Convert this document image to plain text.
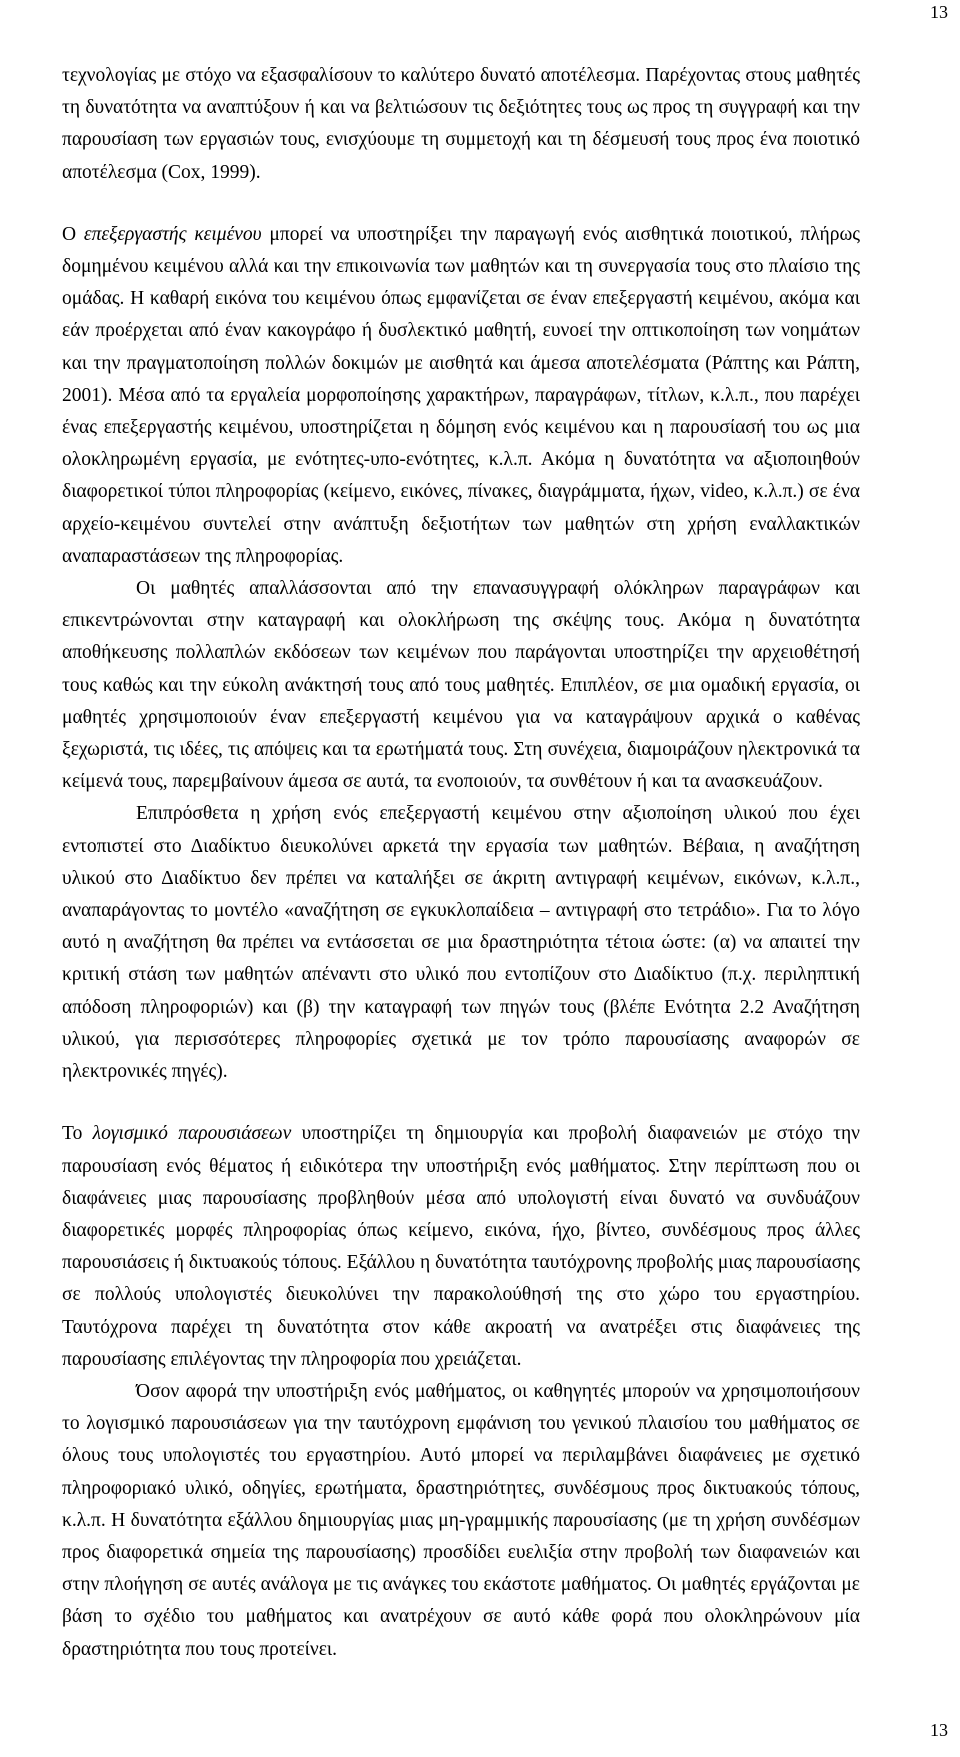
13

τεχνολογίας με στόχο να εξασφαλίσουν το καλύτερο δυνατό αποτέλεσμα. Παρέχοντας στους μαθητές τη δυνατότητα να αναπτύξουν ή και να βελτιώσουν τις δεξιότητες τους ως προς τη συγγραφή και την παρουσίαση των εργασιών τους, ενισχύουμε τη συμμετοχή και τη δέσμευσή τους προς ένα ποιοτικό αποτέλεσμα (Cox, 1999).

Ο επεξεργαστής κειμένου μπορεί να υποστηρίξει την παραγωγή ενός αισθητικά ποιοτικού, πλήρως δομημένου κειμένου αλλά και την επικοινωνία των μαθητών και τη συνεργασία τους στο πλαίσιο της ομάδας. Η καθαρή εικόνα του κειμένου όπως εμφανίζεται σε έναν επεξεργαστή κειμένου, ακόμα και εάν προέρχεται από έναν κακογράφο ή δυσλεκτικό μαθητή, ευνοεί την οπτικοποίηση των νοημάτων και την πραγματοποίηση πολλών δοκιμών με αισθητά και άμεσα αποτελέσματα (Ράπτης και Ράπτη, 2001). Μέσα από τα εργαλεία μορφοποίησης χαρακτήρων, παραγράφων, τίτλων, κ.λ.π., που παρέχει ένας επεξεργαστής κειμένου, υποστηρίζεται η δόμηση ενός κειμένου και η παρουσίασή του ως μια ολοκληρωμένη εργασία, με ενότητες-υπο-ενότητες, κ.λ.π. Ακόμα η δυνατότητα να αξιοποιηθούν διαφορετικοί τύποι πληροφορίας (κείμενο, εικόνες, πίνακες, διαγράμματα, ήχων, video, κ.λ.π.) σε ένα αρχείο-κειμένου συντελεί στην ανάπτυξη δεξιοτήτων των μαθητών στη χρήση εναλλακτικών αναπαραστάσεων της πληροφορίας.

Οι μαθητές απαλλάσσονται από την επανασυγγραφή ολόκληρων παραγράφων και επικεντρώνονται στην καταγραφή και ολοκλήρωση της σκέψης τους. Ακόμα η δυνατότητα αποθήκευσης πολλαπλών εκδόσεων των κειμένων που παράγονται υποστηρίζει την αρχειοθέτησή τους καθώς και την εύκολη ανάκτησή τους από τους μαθητές. Επιπλέον, σε μια ομαδική εργασία, οι μαθητές χρησιμοποιούν έναν επεξεργαστή κειμένου για να καταγράψουν αρχικά ο καθένας ξεχωριστά, τις ιδέες, τις απόψεις και τα ερωτήματά τους. Στη συνέχεια, διαμοιράζουν ηλεκτρονικά τα κείμενά τους, παρεμβαίνουν άμεσα σε αυτά, τα ενοποιούν, τα συνθέτουν ή και τα ανασκευάζουν.

Επιπρόσθετα η χρήση ενός επεξεργαστή κειμένου στην αξιοποίηση υλικού που έχει εντοπιστεί στο Διαδίκτυο διευκολύνει αρκετά την εργασία των μαθητών. Βέβαια, η αναζήτηση υλικού στο Διαδίκτυο δεν πρέπει να καταλήξει σε άκριτη αντιγραφή κειμένων, εικόνων, κ.λ.π., αναπαράγοντας το μοντέλο «αναζήτηση σε εγκυκλοπαίδεια – αντιγραφή στο τετράδιο». Για το λόγο αυτό η αναζήτηση θα πρέπει να εντάσσεται σε μια δραστηριότητα τέτοια ώστε: (α) να απαιτεί την κριτική στάση των μαθητών απέναντι στο υλικό που εντοπίζουν στο Διαδίκτυο (π.χ. περιληπτική απόδοση πληροφοριών) και (β) την καταγραφή των πηγών τους (βλέπε Ενότητα 2.2 Αναζήτηση υλικού, για περισσότερες πληροφορίες σχετικά με τον τρόπο παρουσίασης αναφορών σε ηλεκτρονικές πηγές).

Το λογισμικό παρουσιάσεων υποστηρίζει τη δημιουργία και προβολή διαφανειών με στόχο την παρουσίαση ενός θέματος ή ειδικότερα την υποστήριξη ενός μαθήματος. Στην περίπτωση που οι διαφάνειες μιας παρουσίασης προβληθούν μέσα από υπολογιστή είναι δυνατό να συνδυάζουν διαφορετικές μορφές πληροφορίας όπως κείμενο, εικόνα, ήχο, βίντεο, συνδέσμους προς άλλες παρουσιάσεις ή δικτυακούς τόπους. Εξάλλου η δυνατότητα ταυτόχρονης προβολής μιας παρουσίασης σε πολλούς υπολογιστές διευκολύνει την παρακολούθησή της στο χώρο του εργαστηρίου. Ταυτόχρονα παρέχει τη δυνατότητα στον κάθε ακροατή να ανατρέξει στις διαφάνειες της παρουσίασης επιλέγοντας την πληροφορία που χρειάζεται.

Όσον αφορά την υποστήριξη ενός μαθήματος, οι καθηγητές μπορούν να χρησιμοποιήσουν το λογισμικό παρουσιάσεων για την ταυτόχρονη εμφάνιση του γενικού πλαισίου του μαθήματος σε όλους τους υπολογιστές του εργαστηρίου. Αυτό μπορεί να περιλαμβάνει διαφάνειες με σχετικό πληροφοριακό υλικό, οδηγίες, ερωτήματα, δραστηριότητες, συνδέσμους προς δικτυακούς τόπους, κ.λ.π. Η δυνατότητα εξάλλου δημιουργίας μιας μη-γραμμικής παρουσίασης (με τη χρήση συνδέσμων προς διαφορετικά σημεία της παρουσίασης) προσδίδει ευελιξία στην προβολή των διαφανειών και στην πλοήγηση σε αυτές ανάλογα με τις ανάγκες του εκάστοτε μαθήματος. Οι μαθητές εργάζονται με βάση το σχέδιο του μαθήματος και ανατρέχουν σε αυτό κάθε φορά που ολοκληρώνουν μία δραστηριότητα που τους προτείνει.

13
